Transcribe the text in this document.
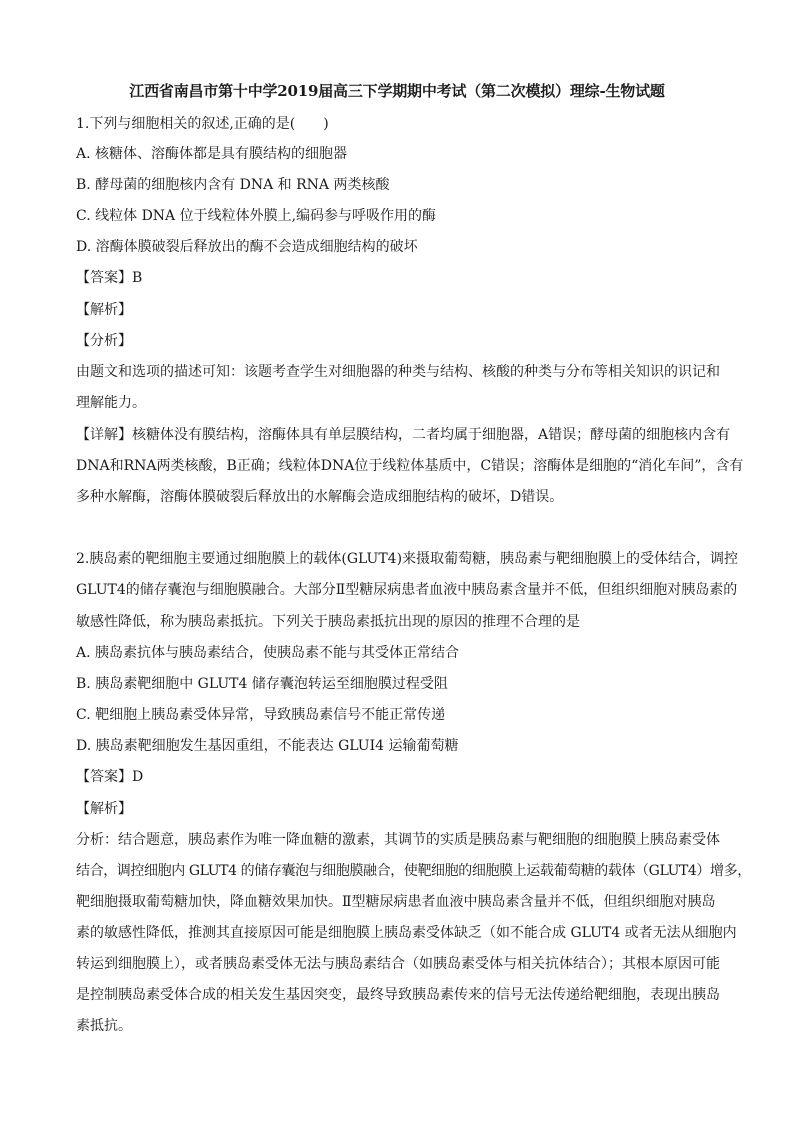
江西省南昌市第十中学2019届高三下学期期中考试（第二次模拟）理综-生物试题
1.下列与细胞相关的叙述,正确的是(　　)
A. 核糖体、溶酶体都是具有膜结构的细胞器
B. 酵母菌的细胞核内含有 DNA 和 RNA 两类核酸
C. 线粒体 DNA 位于线粒体外膜上,编码参与呼吸作用的酶
D. 溶酶体膜破裂后释放出的酶不会造成细胞结构的破坏
【答案】B
【解析】
【分析】
由题文和选项的描述可知：该题考查学生对细胞器的种类与结构、核酸的种类与分布等相关知识的识记和
理解能力。
【详解】核糖体没有膜结构，溶酶体具有单层膜结构，二者均属于细胞器，A错误；酵母菌的细胞核内含有
DNA和RNA两类核酸，B正确；线粒体DNA位于线粒体基质中，C错误；溶酶体是细胞的“消化车间”，含有
多种水解酶，溶酶体膜破裂后释放出的水解酶会造成细胞结构的破坏，D错误。
2.胰岛素的靶细胞主要通过细胞膜上的载体(GLUT4)来摄取葡萄糖，胰岛素与靶细胞膜上的受体结合，调控
GLUT4的储存囊泡与细胞膜融合。大部分Ⅱ型糖尿病患者血液中胰岛素含量并不低，但组织细胞对胰岛素的
敏感性降低，称为胰岛素抵抗。下列关于胰岛素抵抗出现的原因的推理不合理的是
A. 胰岛素抗体与胰岛素结合，使胰岛素不能与其受体正常结合
B. 胰岛素靶细胞中 GLUT4 储存囊泡转运至细胞膜过程受阻
C. 靶细胞上胰岛素受体异常，导致胰岛素信号不能正常传递
D. 胰岛素靶细胞发生基因重组，不能表达 GLUI4 运输葡萄糖
【答案】D
【解析】
分析：结合题意，胰岛素作为唯一降血糖的激素，其调节的实质是胰岛素与靶细胞的细胞膜上胰岛素受体
结合，调控细胞内 GLUT4 的储存囊泡与细胞膜融合，使靶细胞的细胞膜上运载葡萄糖的载体（GLUT4）增多，
靶细胞摄取葡萄糖加快，降血糖效果加快。Ⅱ型糖尿病患者血液中胰岛素含量并不低，但组织细胞对胰岛
素的敏感性降低，推测其直接原因可能是细胞膜上胰岛素受体缺乏（如不能合成 GLUT4 或者无法从细胞内
转运到细胞膜上），或者胰岛素受体无法与胰岛素结合（如胰岛素受体与相关抗体结合）；其根本原因可能
是控制胰岛素受体合成的相关发生基因突变，最终导致胰岛素传来的信号无法传递给靶细胞，表现出胰岛
素抵抗。
